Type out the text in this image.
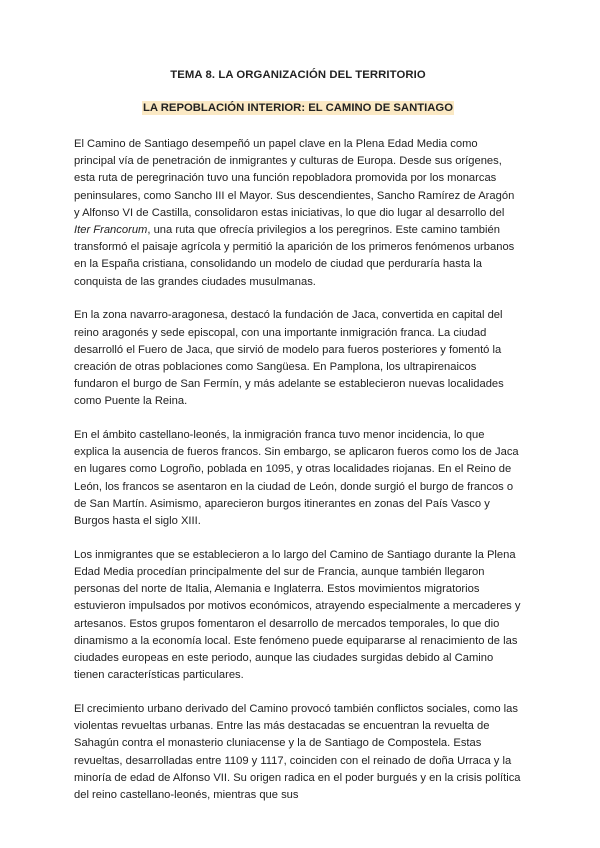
TEMA 8. LA ORGANIZACIÓN DEL TERRITORIO
LA REPOBLACIÓN INTERIOR: EL CAMINO DE SANTIAGO

El Camino de Santiago desempeñó un papel clave en la Plena Edad Media como principal vía de penetración de inmigrantes y culturas de Europa. Desde sus orígenes, esta ruta de peregrinación tuvo una función repobladora promovida por los monarcas peninsulares, como Sancho III el Mayor. Sus descendientes, Sancho Ramírez de Aragón y Alfonso VI de Castilla, consolidaron estas iniciativas, lo que dio lugar al desarrollo del Iter Francorum, una ruta que ofrecía privilegios a los peregrinos. Este camino también transformó el paisaje agrícola y permitió la aparición de los primeros fenómenos urbanos en la España cristiana, consolidando un modelo de ciudad que perduraría hasta la conquista de las grandes ciudades musulmanas.

En la zona navarro-aragonesa, destacó la fundación de Jaca, convertida en capital del reino aragonés y sede episcopal, con una importante inmigración franca. La ciudad desarrolló el Fuero de Jaca, que sirvió de modelo para fueros posteriores y fomentó la creación de otras poblaciones como Sangüesa. En Pamplona, los ultrapirenaicos fundaron el burgo de San Fermín, y más adelante se establecieron nuevas localidades como Puente la Reina.

En el ámbito castellano-leonés, la inmigración franca tuvo menor incidencia, lo que explica la ausencia de fueros francos. Sin embargo, se aplicaron fueros como los de Jaca en lugares como Logroño, poblada en 1095, y otras localidades riojanas. En el Reino de León, los francos se asentaron en la ciudad de León, donde surgió el burgo de francos o de San Martín. Asimismo, aparecieron burgos itinerantes en zonas del País Vasco y Burgos hasta el siglo XIII.

Los inmigrantes que se establecieron a lo largo del Camino de Santiago durante la Plena Edad Media procedían principalmente del sur de Francia, aunque también llegaron personas del norte de Italia, Alemania e Inglaterra. Estos movimientos migratorios estuvieron impulsados por motivos económicos, atrayendo especialmente a mercaderes y artesanos. Estos grupos fomentaron el desarrollo de mercados temporales, lo que dio dinamismo a la economía local. Este fenómeno puede equipararse al renacimiento de las ciudades europeas en este periodo, aunque las ciudades surgidas debido al Camino tienen características particulares.

El crecimiento urbano derivado del Camino provocó también conflictos sociales, como las violentas revueltas urbanas. Entre las más destacadas se encuentran la revuelta de Sahagún contra el monasterio cluniacense y la de Santiago de Compostela. Estas revueltas, desarrolladas entre 1109 y 1117, coinciden con el reinado de doña Urraca y la minoría de edad de Alfonso VII. Su origen radica en el poder burgués y en la crisis política del reino castellano-leonés, mientras que sus
